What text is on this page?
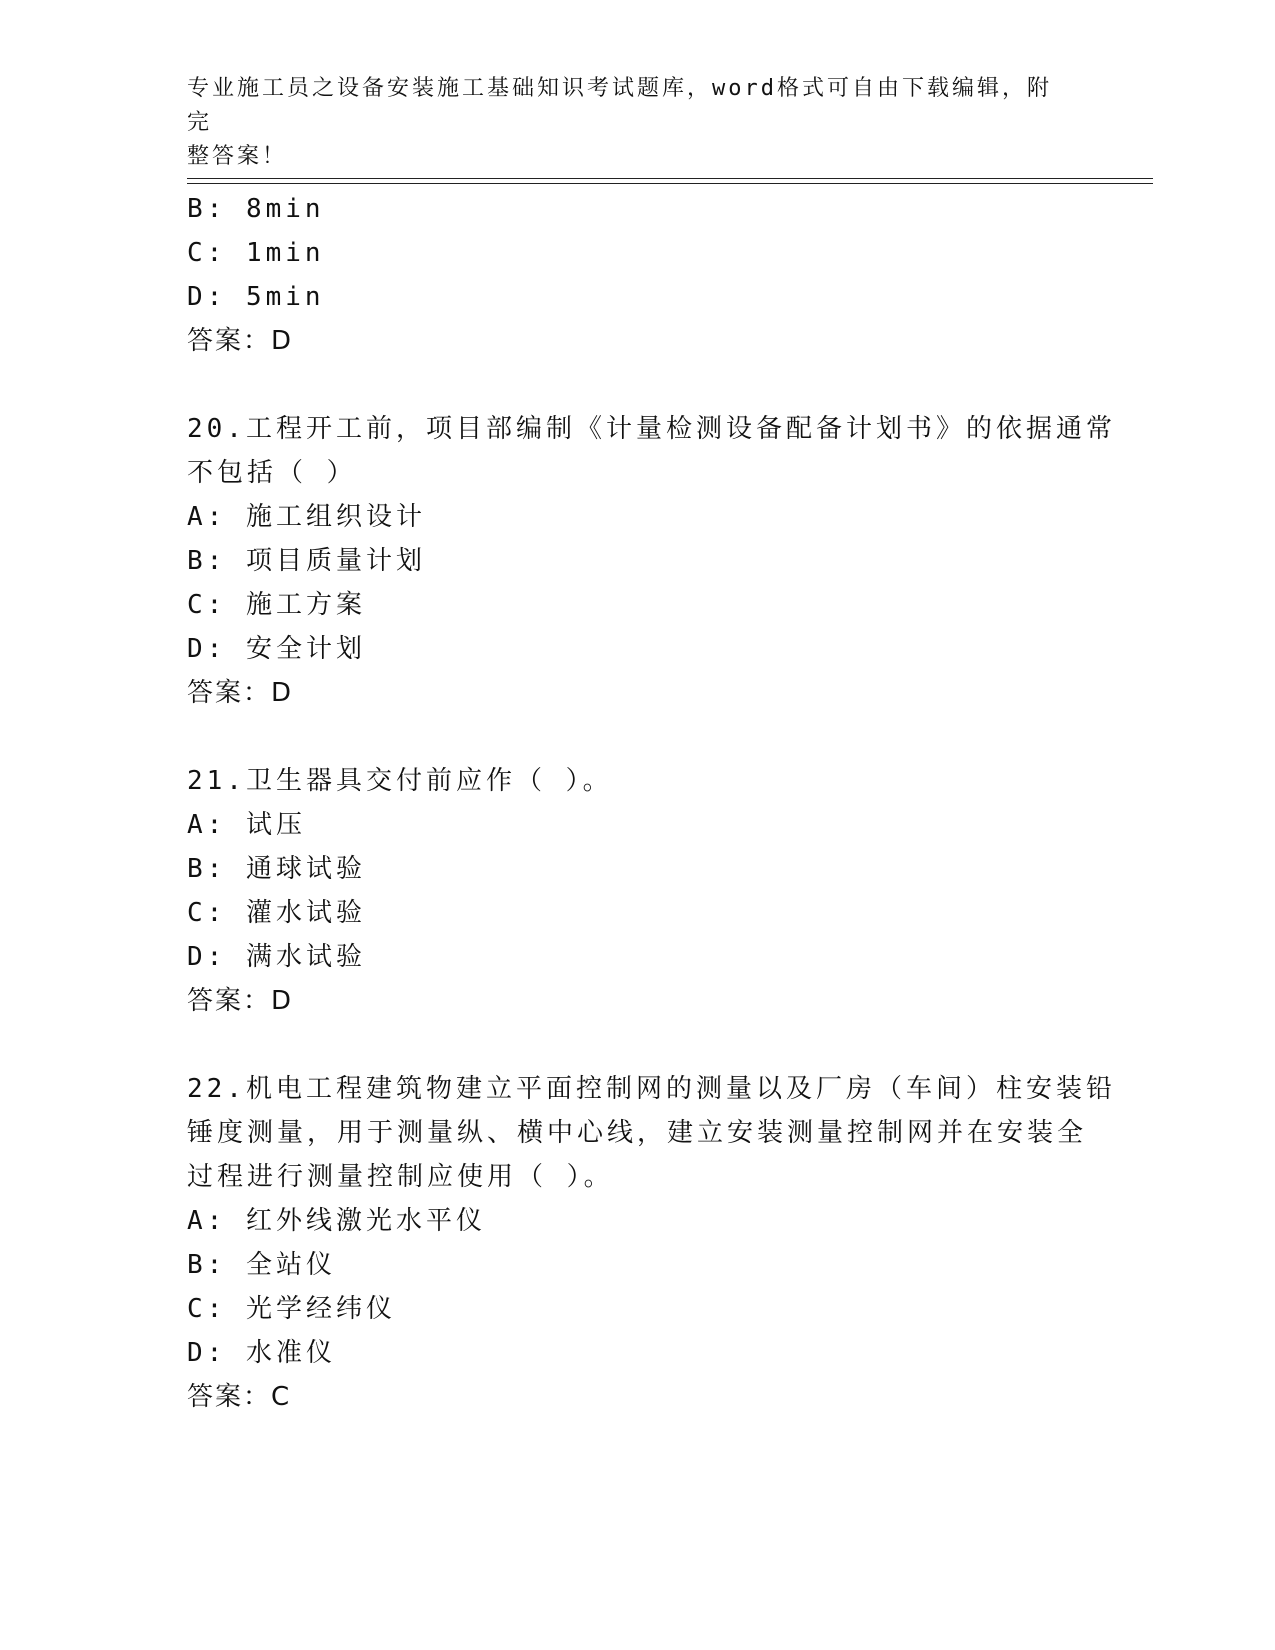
专业施工员之设备安装施工基础知识考试题库，word格式可自由下载编辑，附完
整答案！
B: 8min
C: 1min
D: 5min
答案：D
20.工程开工前，项目部编制《计量检测设备配备计划书》的依据通常
不包括（ ）
A: 施工组织设计
B: 项目质量计划
C: 施工方案
D: 安全计划
答案：D
21.卫生器具交付前应作（ ）。
A: 试压
B: 通球试验
C: 灌水试验
D: 满水试验
答案：D
22.机电工程建筑物建立平面控制网的测量以及厂房（车间）柱安装铅
锤度测量，用于测量纵、横中心线，建立安装测量控制网并在安装全
过程进行测量控制应使用（ ）。
A: 红外线激光水平仪
B: 全站仪
C: 光学经纬仪
D: 水准仪
答案：C
